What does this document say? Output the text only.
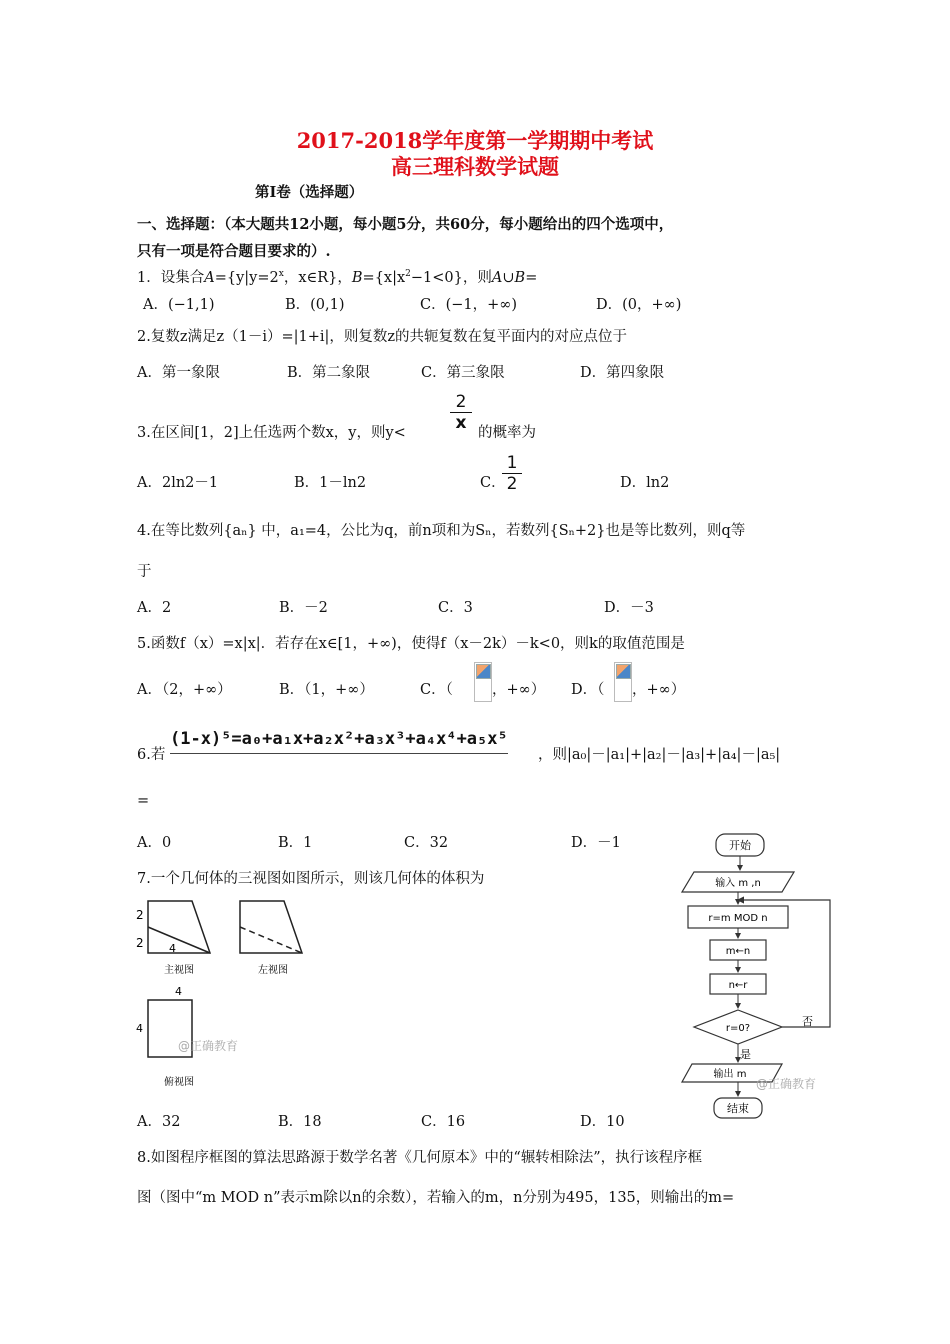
2017-2018学年度第一学期期中考试
高三理科数学试题
第Ⅰ卷（选择题）
一、选择题：（本大题共12小题，每小题5分，共60分，每小题给出的四个选项中，
只有一项是符合题目要求的）.
1．设集合$A=\{y|y=2^x$，x∈R}，$B=\{x|x^2-1<0\}$，则A∪B=
A．(−1,1)	B．(0,1)	C．(−1，+∞)	D．(0，+∞)
2.复数z满足z（1－i）=|1+i|，则复数z的共轭复数在复平面内的对应点位于
A．第一象限	B．第二象限	C．第三象限	D．第四象限
3.在区间[1，2]上任选两个数x，y，则y<
2
x 的概率为
A．2ln2－1	B．1－ln2	C．
1
2	D．ln2
4.在等比数列{aₙ} 中，a₁=4，公比为q，前n项和为Sₙ，若数列{Sₙ+2}也是等比数列，则q等
于
A．2	B．－2	C．3	D．－3
5.函数f（x）=x|x|．若存在x∈[1，+∞)，使得f（x－2k）－k<0，则k的取值范围是
A．（2，+∞）	B．（1，+∞）	C．（	，+∞） D．（ ，+∞）
6.若
(1-x)⁵=a₀+a₁x+a₂x²+a₃x³+a₄x⁴+a₅x⁵
，则|a₀|－|a₁|+|a₂|－|a₃|+|a₄|－|a₅|
=
A．0	B．1	C．32	D．－1
7.一个几何体的三视图如图所示，则该几何体的体积为
2
2 4
主视图	左视图
4
4
@正确教育
俯视图
A．32	B．18	C．16	D．10
开始
输入 m ,n
r=m MOD n
m←n
n←r
r=0?
否
是
输出 m
@正确教育
结束
8.如图程序框图的算法思路源于数学名著《几何原本》中的“辗转相除法”，执行该程序框
图（图中“m MOD n”表示m除以n的余数），若输入的m，n分别为495，135，则输出的m=
